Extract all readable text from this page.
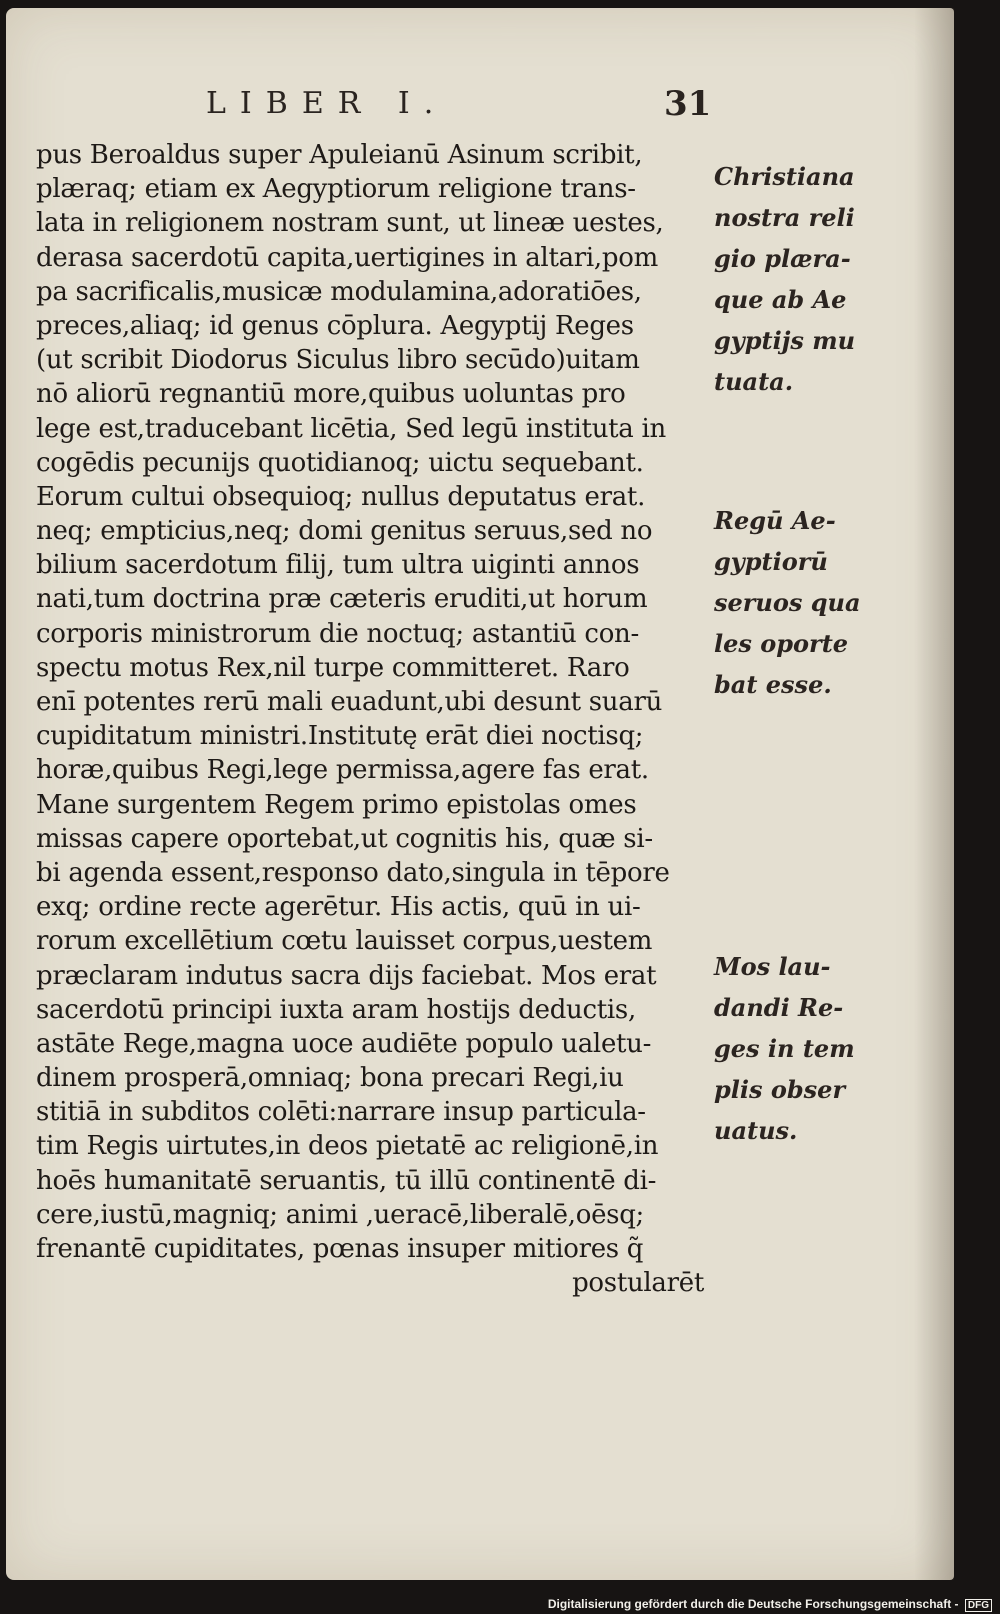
LIBER I.	31
pus Beroaldus super Apuleianū Asinum scribit,
plæraq; etiam ex Aegyptiorum religione trans-
lata in religionem nostram sunt, ut lineæ uestes,
derasa sacerdotū capita,uertigines in altari,pom
pa sacrificalis,musicæ modulamina,adoratiōes,
preces,aliaq; id genus cōplura. Aegyptij Reges
(ut scribit Diodorus Siculus libro secūdo)uitam
nō aliorū regnantiū more,quibus uoluntas pro
lege est,traducebant licētia, Sed legū instituta in
cogēdis pecunijs quotidianoq; uictu sequebant.
Eorum cultui obsequioq; nullus deputatus erat.
neq; empticius,neq; domi genitus seruus,sed no
bilium sacerdotum filij, tum ultra uiginti annos
nati,tum doctrina præ cæteris eruditi,ut horum
corporis ministrorum die noctuq; astantiū con-
spectu motus Rex,nil turpe committeret. Raro
enī potentes rerū mali euadunt,ubi desunt suarū
cupiditatum ministri.Institutę erāt diei noctisq;
horæ,quibus Regi,lege permissa,agere fas erat.
Mane surgentem Regem primo epistolas omes
missas capere oportebat,ut cognitis his, quæ si-
bi agenda essent,responso dato,singula in tēpore
exq; ordine recte agerētur. His actis, quū in ui-
rorum excellētium cœtu lauisset corpus,uestem
præclaram indutus sacra dijs faciebat. Mos erat
sacerdotū principi iuxta aram hostijs deductis,
astāte Rege,magna uoce audiēte populo ualetu-
dinem prosperā,omniaq; bona precari Regi,iu
stitiā in subditos colēti:narrare insup particula-
tim Regis uirtutes,in deos pietatē ac religionē,in
hoēs humanitatē seruantis, tū illū continentē di-
cere,iustū,magniq; animi ,ueracē,liberalē,oēsq;
frenantē cupiditates, pœnas insuper mitiores q̃
postularēt
Christiana
nostra reli
gio plæra-
que ab Ae
gyptijs mu
tuata.
Regū Ae-
gyptiorū
seruos qua
les oporte
bat esse.
Mos lau-
dandi Re-
ges in tem
plis obser
uatus.
Digitalisierung gefördert durch die Deutsche Forschungsgemeinschaft - DFG
